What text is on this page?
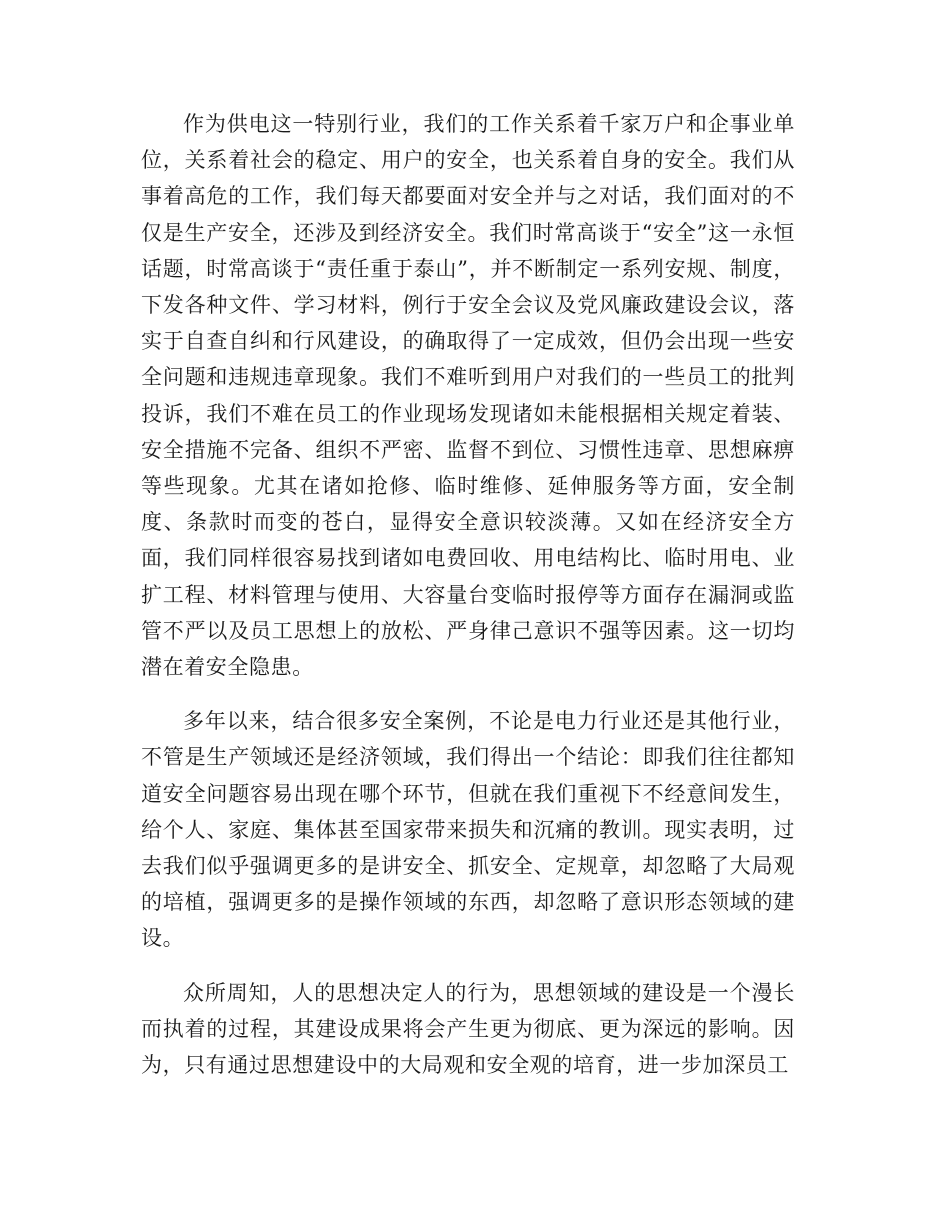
作为供电这一特别行业，我们的工作关系着千家万户和企事业单位，关系着社会的稳定、用户的安全，也关系着自身的安全。我们从事着高危的工作，我们每天都要面对安全并与之对话，我们面对的不仅是生产安全，还涉及到经济安全。我们时常高谈于“安全”这一永恒话题，时常高谈于“责任重于泰山”，并不断制定一系列安规、制度，下发各种文件、学习材料，例行于安全会议及党风廉政建设会议，落实于自查自纠和行风建设，的确取得了一定成效，但仍会出现一些安全问题和违规违章现象。我们不难听到用户对我们的一些员工的批判投诉，我们不难在员工的作业现场发现诸如未能根据相关规定着装、安全措施不完备、组织不严密、监督不到位、习惯性违章、思想麻痹等些现象。尤其在诸如抢修、临时维修、延伸服务等方面，安全制度、条款时而变的苍白，显得安全意识较淡薄。又如在经济安全方面，我们同样很容易找到诸如电费回收、用电结构比、临时用电、业扩工程、材料管理与使用、大容量台变临时报停等方面存在漏洞或监管不严以及员工思想上的放松、严身律己意识不强等因素。这一切均潜在着安全隐患。

多年以来，结合很多安全案例，不论是电力行业还是其他行业，不管是生产领域还是经济领域，我们得出一个结论：即我们往往都知道安全问题容易出现在哪个环节，但就在我们重视下不经意间发生，给个人、家庭、集体甚至国家带来损失和沉痛的教训。现实表明，过去我们似乎强调更多的是讲安全、抓安全、定规章，却忽略了大局观的培植，强调更多的是操作领域的东西，却忽略了意识形态领域的建设。

众所周知，人的思想决定人的行为，思想领域的建设是一个漫长而执着的过程，其建设成果将会产生更为彻底、更为深远的影响。因为，只有通过思想建设中的大局观和安全观的培育，进一步加深员工
